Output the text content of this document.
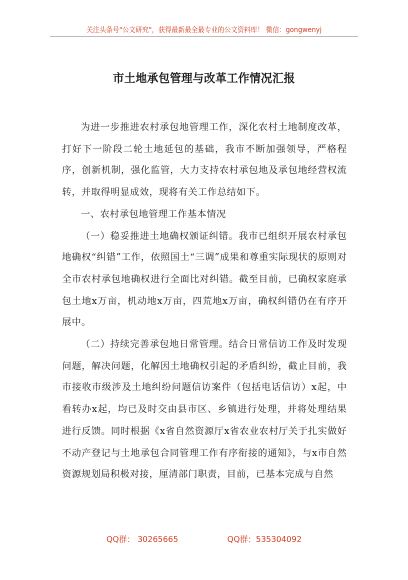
关注头条号"公文研究"，获得最新最全最专业的公文资料库！ 微信：gongwenyj
市土地承包管理与改革工作情况汇报

为进一步推进农村承包地管理工作，深化农村土地制度改革，打好下一阶段二轮土地延包的基础，我市不断加强领导，严格程序，创新机制，强化监管，大力支持农村承包地及承包地经营权流转，并取得明显成效，现将有关工作总结如下。

一、农村承包地管理工作基本情况

（一）稳妥推进土地确权颁证纠错。我市已组织开展农村承包地确权“纠错”工作，依照国土“三调”成果和尊重实际现状的原则对全市农村承包地确权进行全面比对纠错。截至目前，已确权家庭承包土地x万亩，机动地x万亩，四荒地x万亩，确权纠错仍在有序开展中。

（二）持续完善承包地日常管理。结合日常信访工作及时发现问题，解决问题，化解因土地确权引起的矛盾纠纷，截止目前，我市接收市级涉及土地纠纷问题信访案件（包括电话信访）x起，中看转办x起，均已及时交由县市区、乡镇进行处理，并将处理结果进行反馈。同时根据《x省自然资源厅x省农业农村厅关于扎实做好不动产登记与土地承包合同管理工作有序衔接的通知》，与x市自然资源规划局积极对接，厘清部门职责，目前，已基本完成与自然

QQ群： 30265665	QQ群：535304092
